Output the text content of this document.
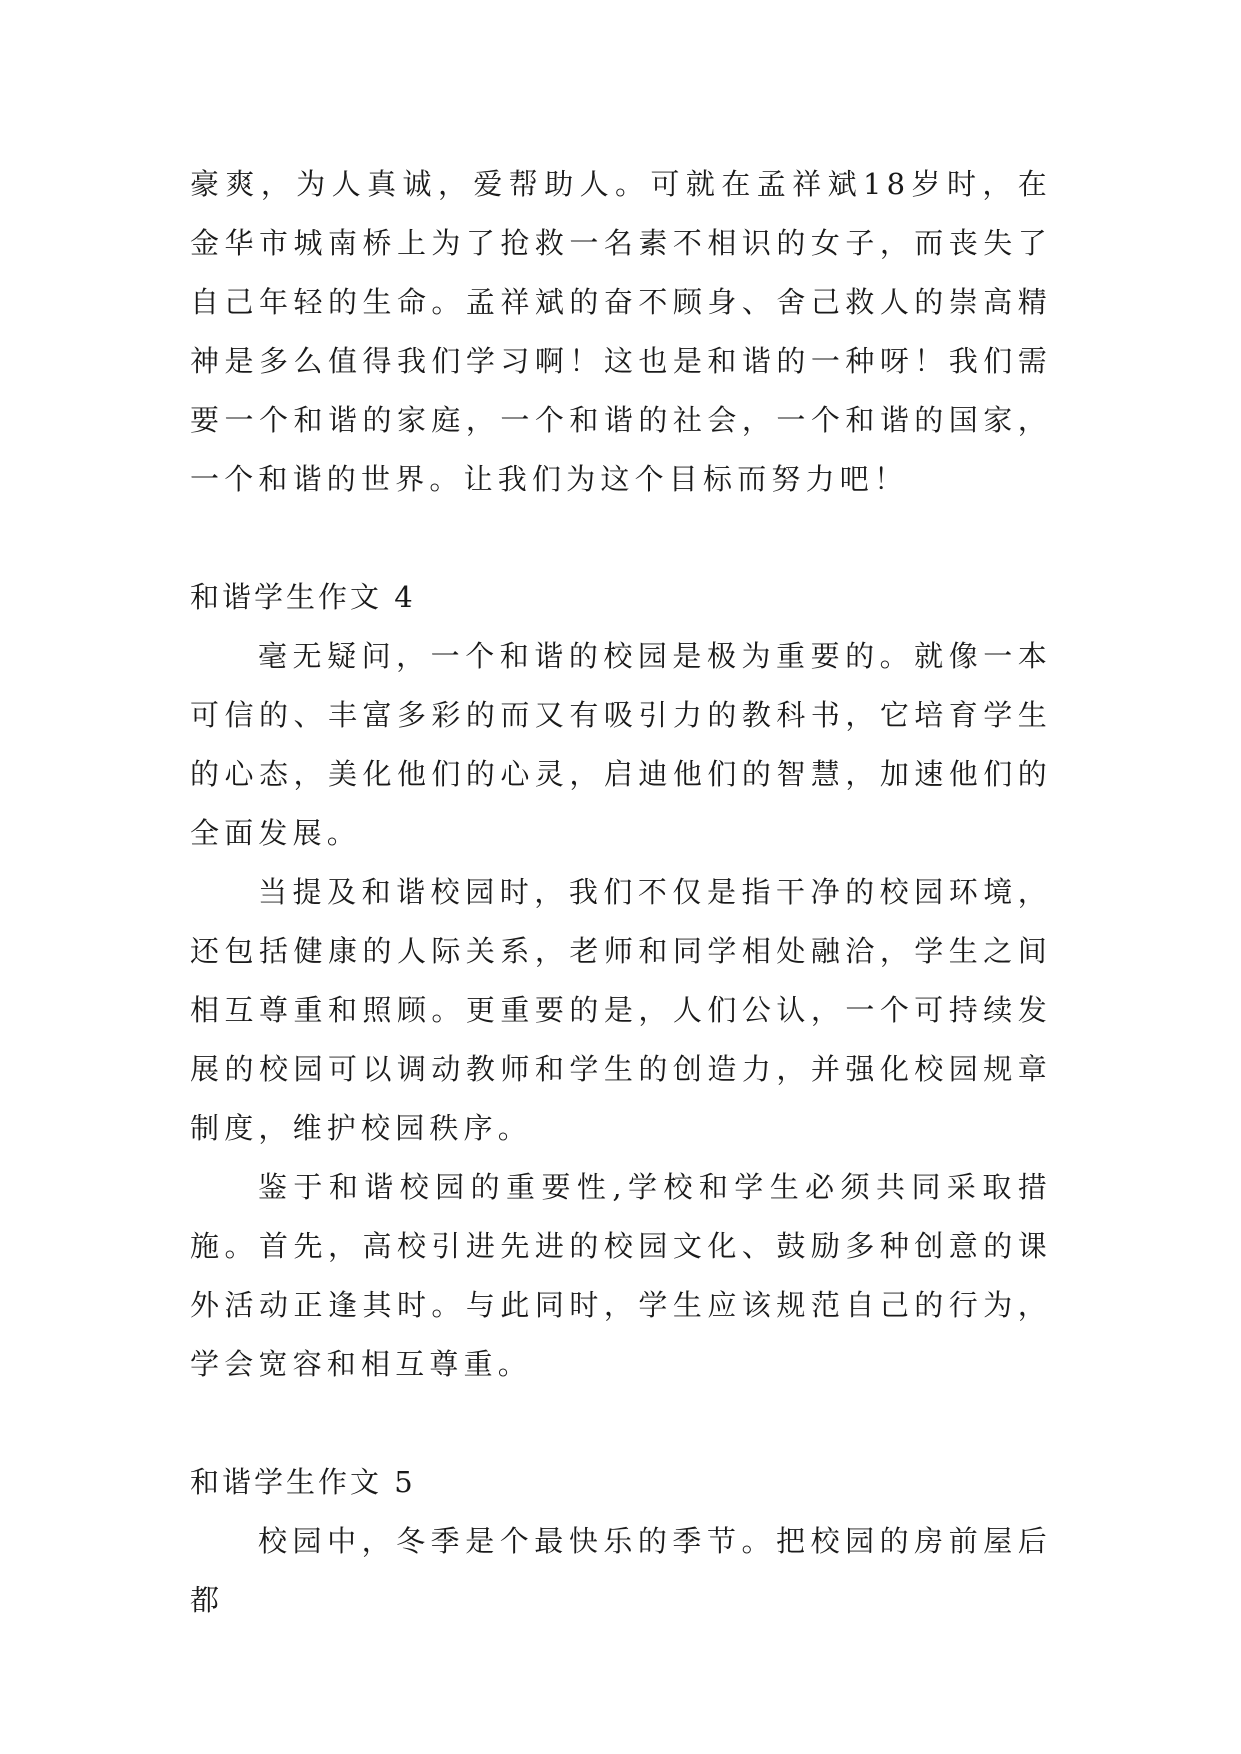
豪爽，为人真诚，爱帮助人。可就在孟祥斌18岁时，在金华市城南桥上为了抢救一名素不相识的女子，而丧失了自己年轻的生命。孟祥斌的奋不顾身、舍己救人的崇高精神是多么值得我们学习啊！这也是和谐的一种呀！我们需要一个和谐的家庭，一个和谐的社会，一个和谐的国家，一个和谐的世界。让我们为这个目标而努力吧！

和谐学生作文 4

毫无疑问，一个和谐的校园是极为重要的。就像一本可信的、丰富多彩的而又有吸引力的教科书，它培育学生的心态，美化他们的心灵，启迪他们的智慧，加速他们的全面发展。

当提及和谐校园时，我们不仅是指干净的校园环境，还包括健康的人际关系，老师和同学相处融洽，学生之间相互尊重和照顾。更重要的是，人们公认，一个可持续发展的校园可以调动教师和学生的创造力，并强化校园规章制度，维护校园秩序。

鉴于和谐校园的重要性,学校和学生必须共同采取措施。首先，高校引进先进的校园文化、鼓励多种创意的课外活动正逢其时。与此同时，学生应该规范自己的行为，学会宽容和相互尊重。

和谐学生作文 5

校园中，冬季是个最快乐的季节。把校园的房前屋后都
